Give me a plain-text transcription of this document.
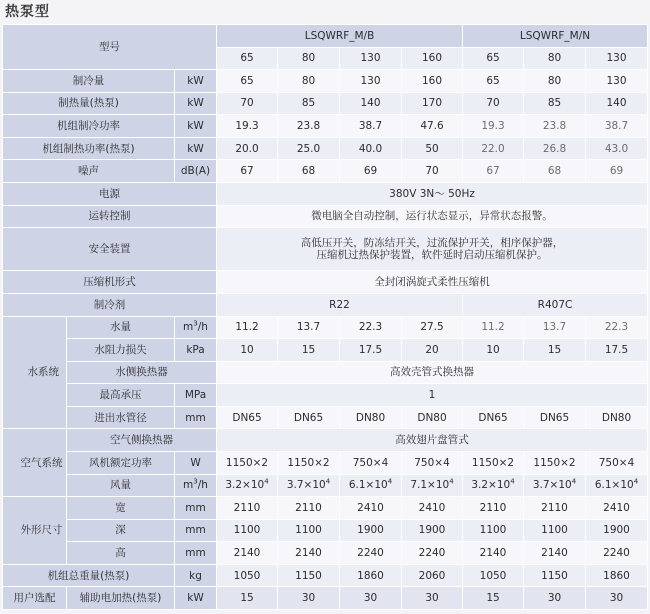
热泵型
型号			LSQWRF_M/B				LSQWRF_M/N		
			65	80	130	160	65	80	130
制冷量		kW	65	80	130	160	65	80	130
制热量(热泵)		kW	70	85	140	170	70	85	140
机组制冷功率		kW	19.3	23.8	38.7	47.6	19.3	23.8	38.7
机组制热功率(热泵)		kW	20.0	25.0	40.0	50	22.0	26.8	43.0
噪声		dB(A)	67	68	69	70	67	68	69
电源			380V 3N～ 50Hz						
运转控制			微电脑全自动控制，运行状态显示，异常状态报警。						
安全装置			高低压开关，防冻结开关，过流保护开关，相序保护器，
压缩机过热保护装置，软件延时启动压缩机保护。						

压缩机形式			全封闭涡旋式柔性压缩机						
制冷剂			R22				R407C		

水系统	水量	$m^3/h$	11.2	13.7	22.3	27.5	11.2	13.7	22.3
	水阻力损失	kPa	10	15	17.5	20	10	15	17.5
	水侧换热器		高效壳管式换热器						
	最高承压	MPa	1						
	进出水管径	mm	DN65	DN65	DN80	DN80	DN65	DN65	DN80

空气系统	空气侧换热器		高效翅片盘管式						
	风机额定功率	W	1150×2	1150×2	750×4	750×4	1150×2	1150×2	750×4
	风量	$m^3/h$	$3.2\times 10^4$	$3.7\times 10^4$	$6.1\times 10^4$	$7.1\times 10^4$	$3.2\times 10^4$	$3.7\times 10^4$	$6.1\times 10^4$

外形尺寸	宽	mm	2110	2110	2410	2410	2110	2110	2410
	深	mm	1100	1100	1900	1900	1100	1100	1900
	高	mm	2140	2140	2240	2240	2140	2140	2240
机组总重量(热泵)		kg	1050	1150	1860	2060	1050	1150	1860
用户选配	辅助电加热(热泵)	kW	15	30	30	30	15	30	30
